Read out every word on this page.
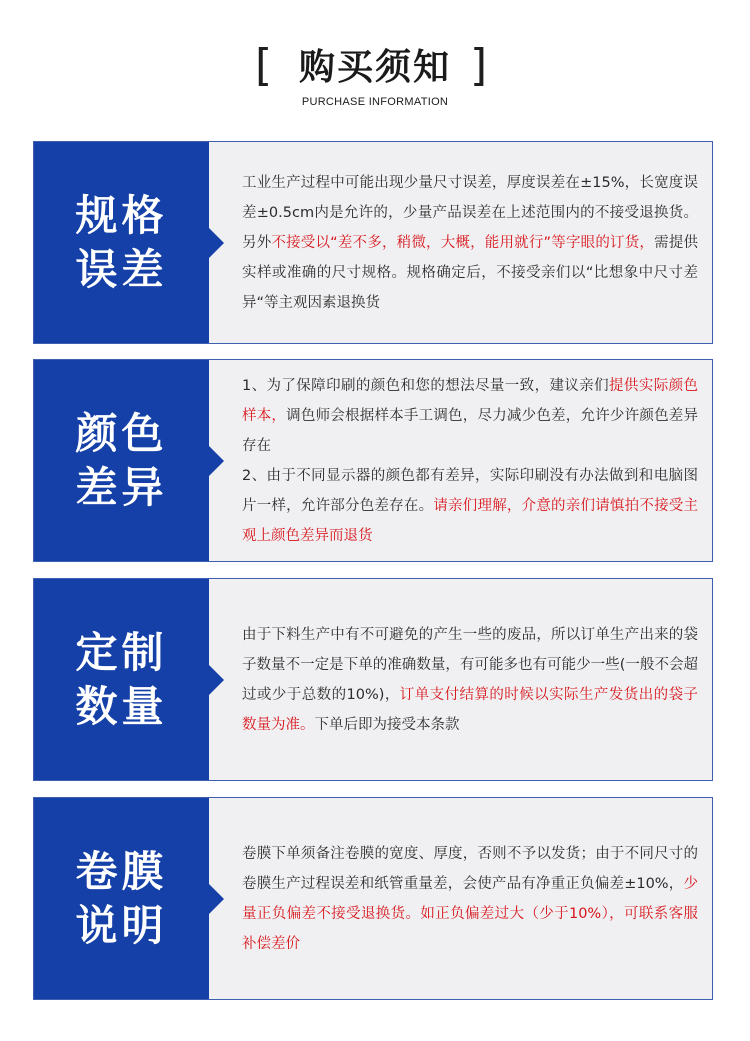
[ 购买须知 ]
PURCHASE INFORMATION
规格
误差
工业生产过程中可能出现少量尺寸误差，厚度误差在±15%，长宽度误差±0.5cm内是允许的，少量产品误差在上述范围内的不接受退换货。另外不接受以“差不多，稍微，大概，能用就行”等字眼的订货，需提供实样或准确的尺寸规格。规格确定后，不接受亲们以“比想象中尺寸差异“等主观因素退换货
颜色
差异
1、为了保障印刷的颜色和您的想法尽量一致，建议亲们提供实际颜色样本，调色师会根据样本手工调色，尽力减少色差，允许少许颜色差异存在
2、由于不同显示器的颜色都有差异，实际印刷没有办法做到和电脑图片一样，允许部分色差存在。请亲们理解，介意的亲们请慎拍不接受主观上颜色差异而退货
定制
数量
由于下料生产中有不可避免的产生一些的废品，所以订单生产出来的袋子数量不一定是下单的准确数量，有可能多也有可能少一些(一般不会超过或少于总数的10%)，订单支付结算的时候以实际生产发货出的袋子数量为准。下单后即为接受本条款
卷膜
说明
卷膜下单须备注卷膜的宽度、厚度，否则不予以发货；由于不同尺寸的卷膜生产过程误差和纸管重量差，会使产品有净重正负偏差±10%，少量正负偏差不接受退换货。如正负偏差过大（少于10%），可联系客服补偿差价
